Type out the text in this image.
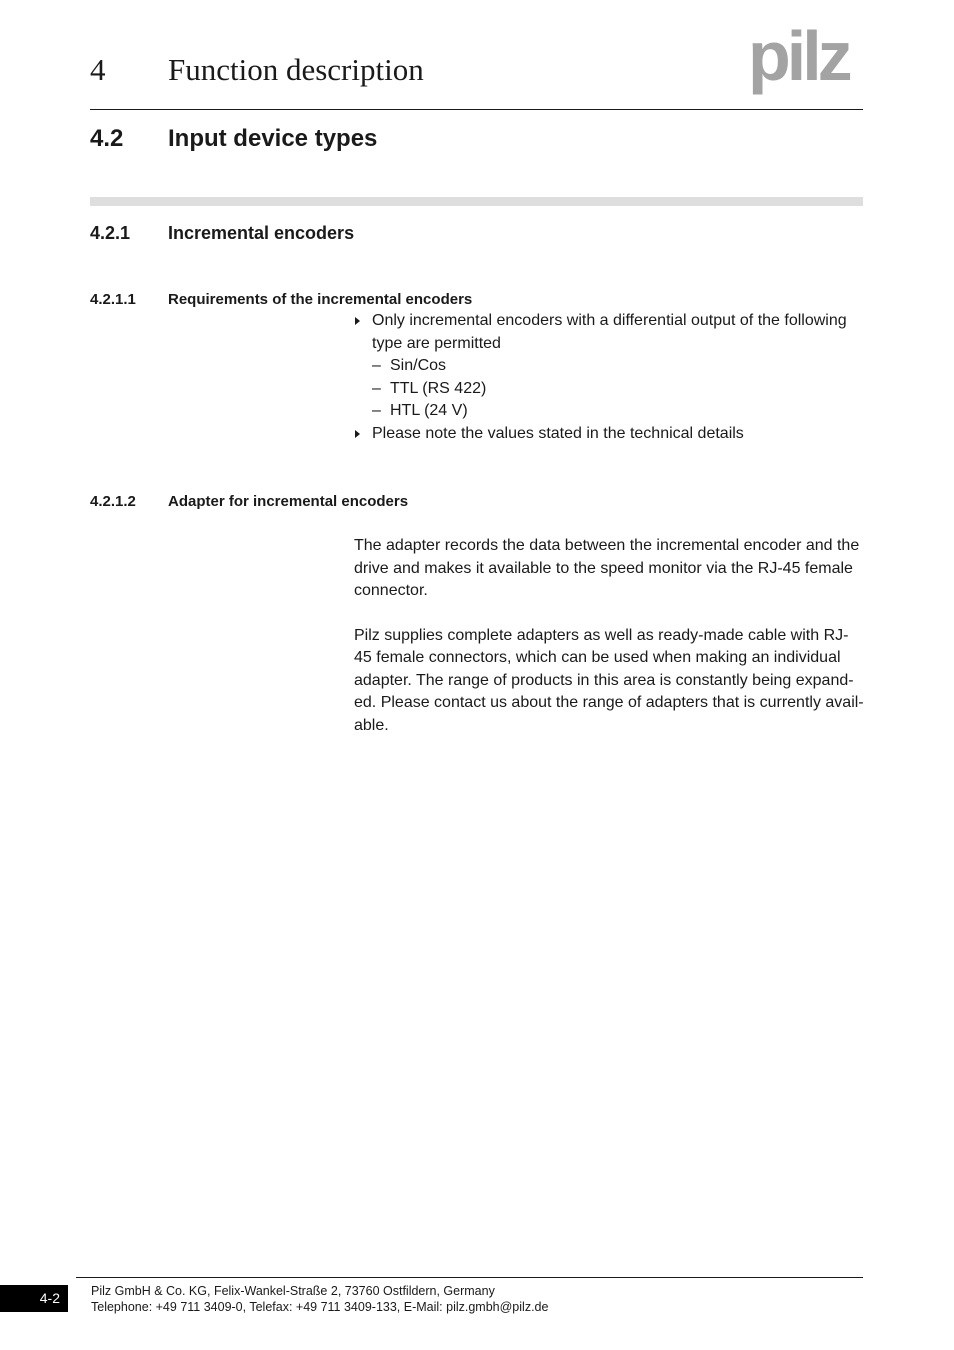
4 Function description	pilz
4.2 Input device types
4.2.1 Incremental encoders
4.2.1.1 Requirements of the incremental encoders
Only incremental encoders with a differential output of the following
type are permitted
– Sin/Cos
– TTL (RS 422)
– HTL (24 V)
Please note the values stated in the technical details
4.2.1.2 Adapter for incremental encoders
The adapter records the data between the incremental encoder and the
drive and makes it available to the speed monitor via the RJ-45 female
connector.
Pilz supplies complete adapters as well as ready-made cable with RJ-
45 female connectors, which can be used when making an individual
adapter. The range of products in this area is constantly being expand-
ed. Please contact us about the range of adapters that is currently avail-
able.
4-2	Pilz GmbH & Co. KG, Felix-Wankel-Straße 2, 73760 Ostfildern, Germany
Telephone: +49 711 3409-0, Telefax: +49 711 3409-133, E-Mail: pilz.gmbh@pilz.de
